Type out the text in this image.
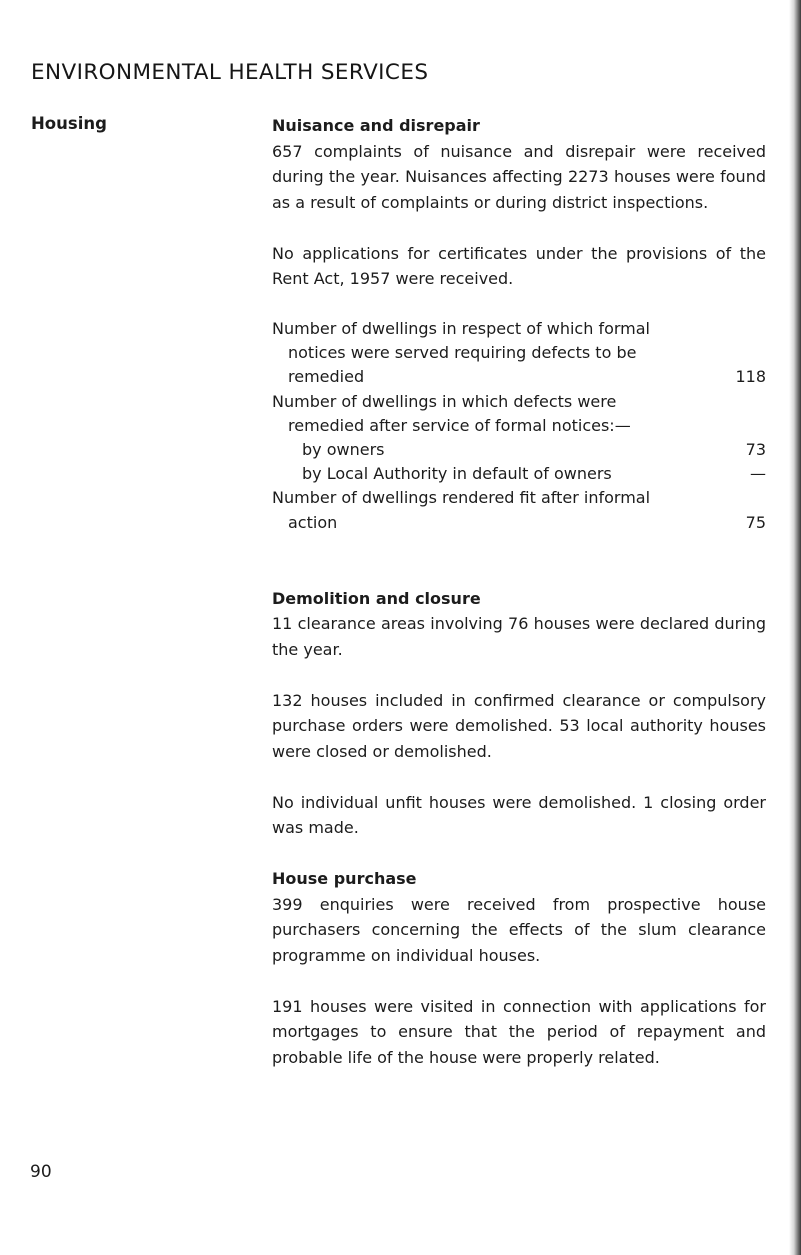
ENVIRONMENTAL HEALTH SERVICES
Housing	Nuisance and disrepair

657 complaints of nuisance and disrepair were received during the year. Nuisances affecting 2273 houses were found as a result of complaints or during district inspections.

No applications for certificates under the provisions of the Rent Act, 1957 were received.

Number of dwellings in respect of which formal
notices were served requiring defects to be
remedied	118
Number of dwellings in which defects were
remedied after service of formal notices:—
by owners	73
by Local Authority in default of owners	—
Number of dwellings rendered fit after informal
action	75
Demolition and closure

11 clearance areas involving 76 houses were declared during the year.

132 houses included in confirmed clearance or compulsory purchase orders were demolished. 53 local authority houses were closed or demolished.

No individual unfit houses were demolished. 1 closing order was made.

House purchase

399 enquiries were received from prospective house purchasers concerning the effects of the slum clearance programme on individual houses.

191 houses were visited in connection with applications for mortgages to ensure that the period of repayment and probable life of the house were properly related.

90
